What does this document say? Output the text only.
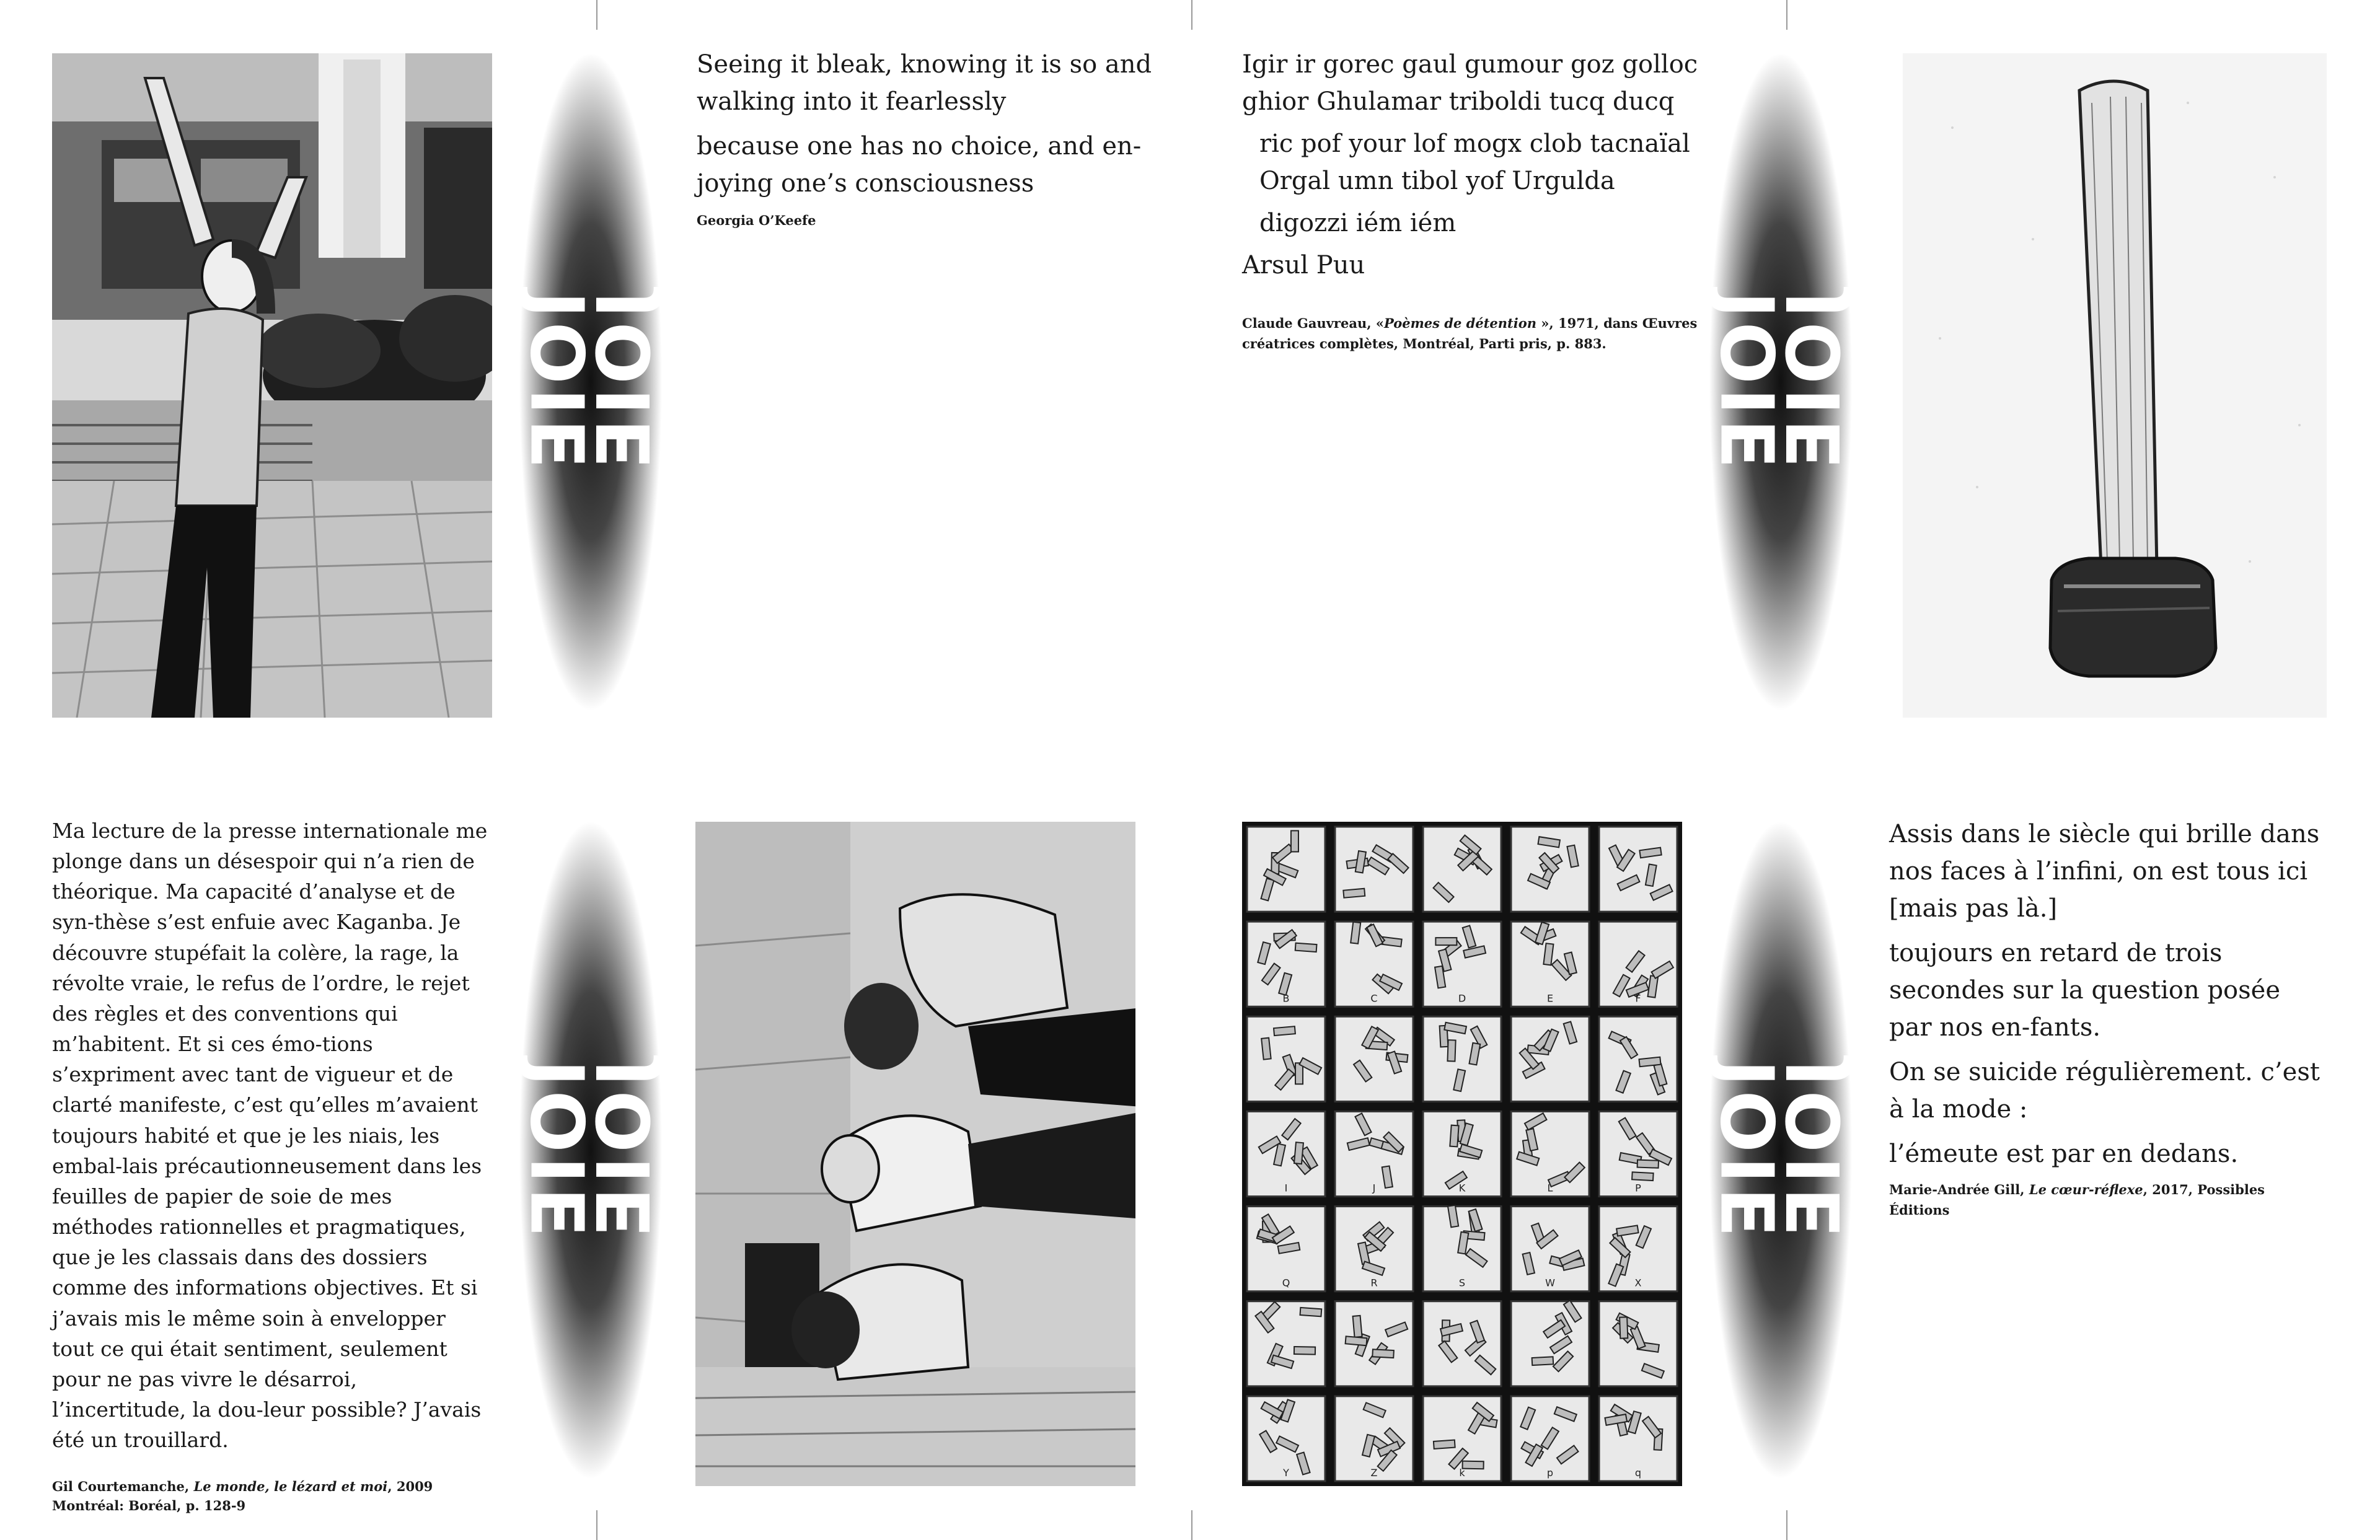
JOIE
JOIE

Seeing it bleak, knowing it is so and walking into it fearlessly

because one has no choice, and en-joying one’s consciousness

Georgia O’Keefe

Igir ir gorec gaul gumour goz golloc ghior Ghulamar triboldi tucq ducq

ric pof your lof mogx clob tacnaïal Orgal umn tibol yof Urgulda

digozzi iém iém

Arsul Puu

Claude Gauvreau, «Poèmes de détention », 1971, dans Œuvres créatrices complètes, Montréal, Parti pris, p. 883.	JOIE
JOIE
Ma lecture de la presse internationale me plonge dans un désespoir qui n’a rien de théorique. Ma capacité d’analyse et de syn-thèse s’est enfuie avec Kaganba. Je découvre stupéfait la colère, la rage, la révolte vraie, le refus de l’ordre, le rejet des règles et des conventions qui m’habitent. Et si ces émo-tions s’expriment avec tant de vigueur et de clarté manifeste, c’est qu’elles m’avaient toujours habité et que je les niais, les embal-lais précautionneusement dans les feuilles de papier de soie de mes méthodes rationnelles et pragmatiques, que je les classais dans des dossiers comme des informations objectives. Et si j’avais mis le même soin à envelopper tout ce qui était sentiment, seulement pour ne pas vivre le désarroi, l’incertitude, la dou-leur possible? J’avais été un trouillard.
Gil Courtemanche, Le monde, le lézard et moi, 2009
Montréal: Boréal, p. 128-9
JOIE
JOIE
B	C	D	E	F
I	J	K	L	P
Q	R	S	W	X
Y	Z	k	p	q
JOIE
JOIE

Assis dans le siècle qui brille dans nos faces à l’infini, on est tous ici [mais pas là.]

toujours en retard de trois secondes sur la question posée par nos en-fants.

On se suicide régulièrement. c’est à la mode :

l’émeute est par en dedans.

Marie-Andrée Gill, Le cœur-réflexe, 2017, Possibles Éditions
